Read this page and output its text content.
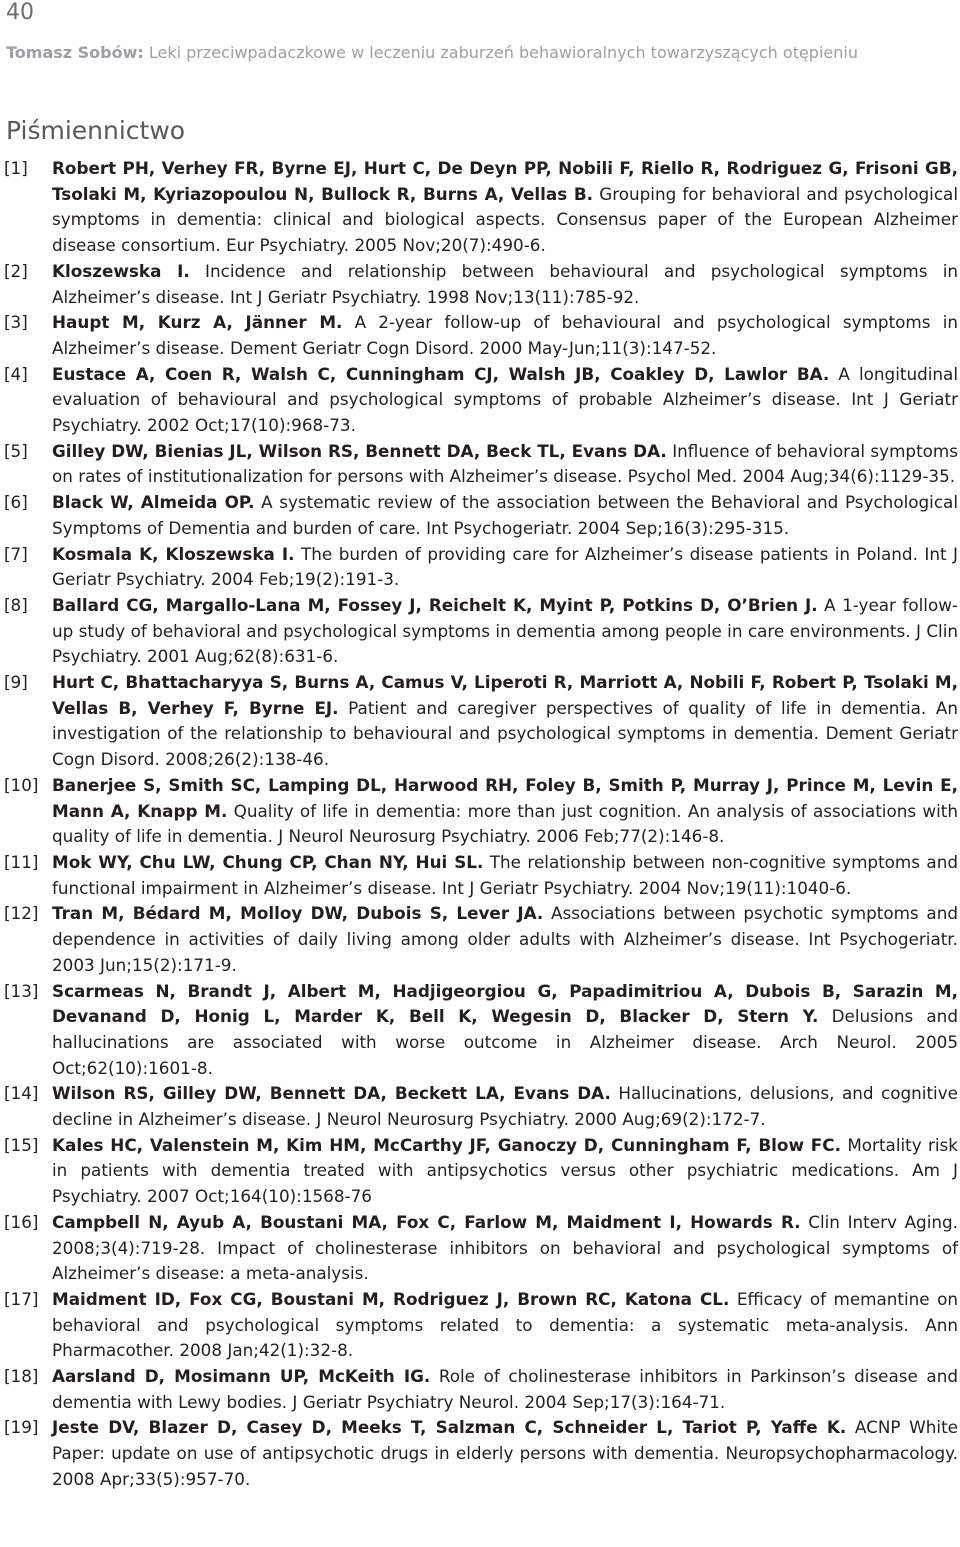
40
Tomasz Sobów: Leki przeciwpadaczkowe w leczeniu zaburzeń behawioralnych towarzyszących otępieniu
Piśmiennictwo
[1]	Robert PH, Verhey FR, Byrne EJ, Hurt C, De Deyn PP, Nobili F, Riello R, Rodriguez G, Frisoni GB, Tsolaki M, Kyriazopoulou N, Bullock R, Burns A, Vellas B. Grouping for behavioral and psychological symptoms in dementia: clinical and biological aspects. Consensus paper of the European Alzheimer disease consortium. Eur Psychiatry. 2005 Nov;20(7):490-6.
[2]	Kloszewska I. Incidence and relationship between behavioural and psychological symptoms in Alzheimer’s disease. Int J Geriatr Psychiatry. 1998 Nov;13(11):785-92.
[3]	Haupt M, Kurz A, Jänner M. A 2-year follow-up of behavioural and psychological symptoms in Alzheimer’s disease. Dement Geriatr Cogn Disord. 2000 May-Jun;11(3):147-52.
[4]	Eustace A, Coen R, Walsh C, Cunningham CJ, Walsh JB, Coakley D, Lawlor BA. A longitudinal evaluation of behavioural and psychological symptoms of probable Alzheimer’s disease. Int J Geriatr Psychiatry. 2002 Oct;17(10):968-73.
[5]	Gilley DW, Bienias JL, Wilson RS, Bennett DA, Beck TL, Evans DA. Influence of behavioral symptoms on rates of institutionalization for persons with Alzheimer’s disease. Psychol Med. 2004 Aug;34(6):1129-35.
[6]	Black W, Almeida OP. A systematic review of the association between the Behavioral and Psychological Symptoms of Dementia and burden of care. Int Psychogeriatr. 2004 Sep;16(3):295-315.
[7]	Kosmala K, Kloszewska I. The burden of providing care for Alzheimer’s disease patients in Poland. Int J Geriatr Psychiatry. 2004 Feb;19(2):191-3.
[8]	Ballard CG, Margallo-Lana M, Fossey J, Reichelt K, Myint P, Potkins D, O’Brien J. A 1-year follow-up study of behavioral and psychological symptoms in dementia among people in care environments. J Clin Psychiatry. 2001 Aug;62(8):631-6.
[9]	Hurt C, Bhattacharyya S, Burns A, Camus V, Liperoti R, Marriott A, Nobili F, Robert P, Tsolaki M, Vellas B, Verhey F, Byrne EJ. Patient and caregiver perspectives of quality of life in dementia. An investigation of the relationship to behavioural and psychological symptoms in dementia. Dement Geriatr Cogn Disord. 2008;26(2):138-46.
[10] Banerjee S, Smith SC, Lamping DL, Harwood RH, Foley B, Smith P, Murray J, Prince M, Levin E, Mann A, Knapp M. Quality of life in dementia: more than just cognition. An analysis of associations with quality of life in dementia. J Neurol Neurosurg Psychiatry. 2006 Feb;77(2):146-8.
[11] Mok WY, Chu LW, Chung CP, Chan NY, Hui SL. The relationship between non-cognitive symptoms and functional impairment in Alzheimer’s disease. Int J Geriatr Psychiatry. 2004 Nov;19(11):1040-6.
[12] Tran M, Bédard M, Molloy DW, Dubois S, Lever JA. Associations between psychotic symptoms and dependence in activities of daily living among older adults with Alzheimer’s disease. Int Psychogeriatr. 2003 Jun;15(2):171-9.
[13] Scarmeas N, Brandt J, Albert M, Hadjigeorgiou G, Papadimitriou A, Dubois B, Sarazin M, Devanand D, Honig L, Marder K, Bell K, Wegesin D, Blacker D, Stern Y. Delusions and hallucinations are associated with worse outcome in Alzheimer disease. Arch Neurol. 2005 Oct;62(10):1601-8.
[14] Wilson RS, Gilley DW, Bennett DA, Beckett LA, Evans DA. Hallucinations, delusions, and cognitive decline in Alzheimer’s disease. J Neurol Neurosurg Psychiatry. 2000 Aug;69(2):172-7.
[15] Kales HC, Valenstein M, Kim HM, McCarthy JF, Ganoczy D, Cunningham F, Blow FC. Mortality risk in patients with dementia treated with antipsychotics versus other psychiatric medications. Am J Psychiatry. 2007 Oct;164(10):1568-76
[16] Campbell N, Ayub A, Boustani MA, Fox C, Farlow M, Maidment I, Howards R. Clin Interv Aging. 2008;3(4):719-28. Impact of cholinesterase inhibitors on behavioral and psychological symptoms of Alzheimer’s disease: a meta-analysis.
[17] Maidment ID, Fox CG, Boustani M, Rodriguez J, Brown RC, Katona CL. Efficacy of memantine on behavioral and psychological symptoms related to dementia: a systematic meta-analysis. Ann Pharmacother. 2008 Jan;42(1):32-8.
[18] Aarsland D, Mosimann UP, McKeith IG. Role of cholinesterase inhibitors in Parkinson’s disease and dementia with Lewy bodies. J Geriatr Psychiatry Neurol. 2004 Sep;17(3):164-71.
[19] Jeste DV, Blazer D, Casey D, Meeks T, Salzman C, Schneider L, Tariot P, Yaffe K. ACNP White Paper: update on use of antipsychotic drugs in elderly persons with dementia. Neuropsychopharmacology. 2008 Apr;33(5):957-70.
